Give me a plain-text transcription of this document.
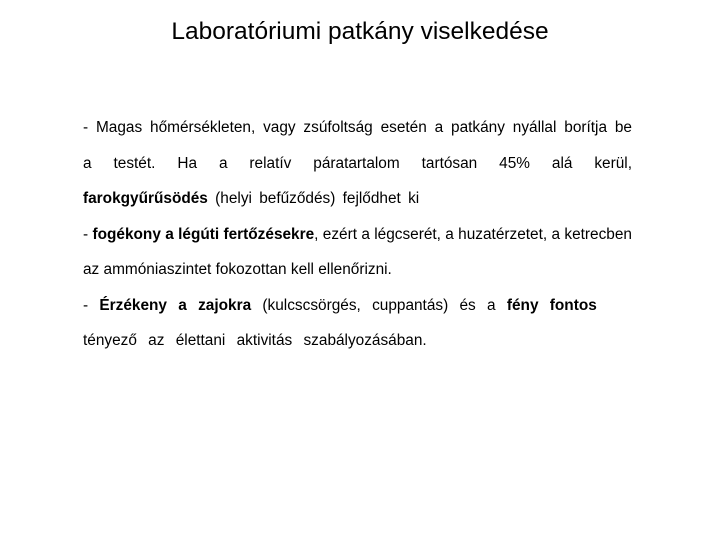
Laboratóriumi patkány viselkedése

- Magas hőmérsékleten, vagy zsúfoltság esetén a patkány nyállal borítja be a testét. Ha a relatív páratartalom tartósan 45% alá kerül, farokgyűrűsödés (helyi befűződés) fejlődhet ki

- fogékony a légúti fertőzésekre, ezért a légcserét, a huzatérzetet, a ketrecben az ammóniaszintet fokozottan kell ellenőrizni.

- Érzékeny a zajokra (kulcscsörgés, cuppantás) és a fény fontos tényező az élettani aktivitás szabályozásában.
